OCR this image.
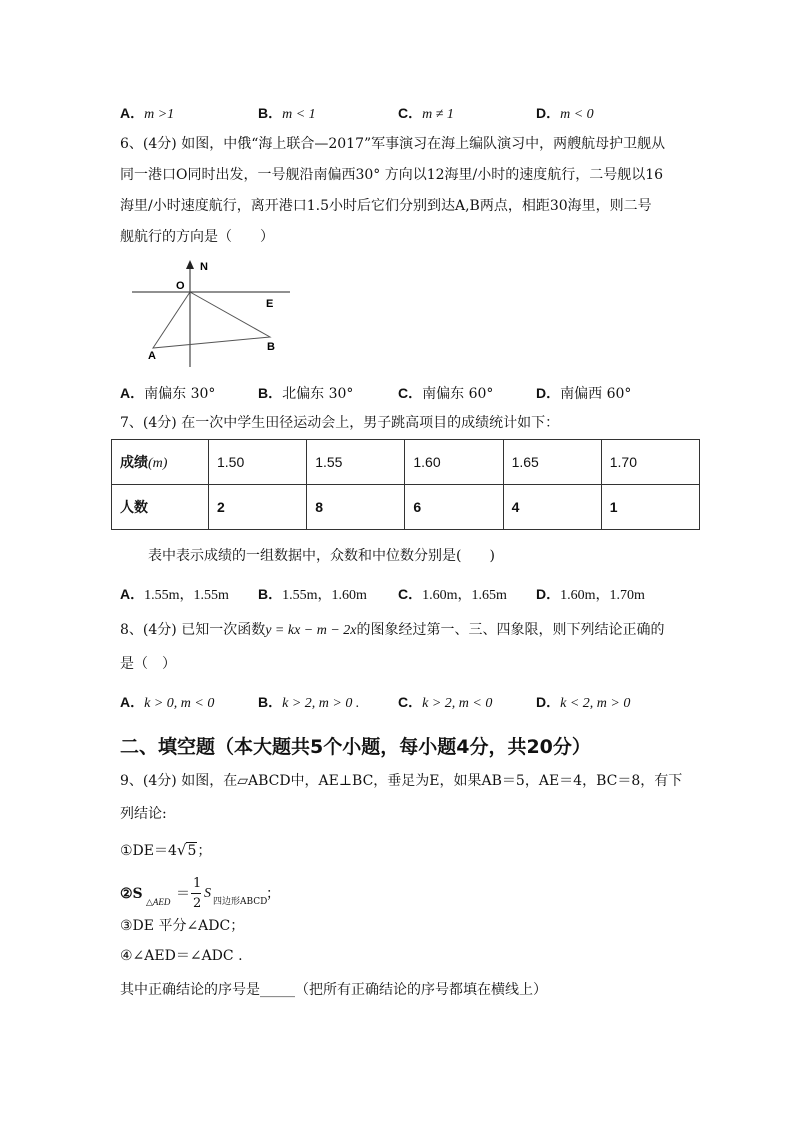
A．m >1	B．m < 1	C．m ≠ 1	D．m < 0
6、(4分) 如图，中俄“海上联合—2017”军事演习在海上编队演习中，两艘航母护卫舰从
同一港口O同时出发，一号舰沿南偏西30° 方向以12海里/小时的速度航行，二号舰以16
海里/小时速度航行，离开港口1.5小时后它们分别到达A,B两点，相距30海里，则二号
舰航行的方向是（　　）
N
O
E
A
B
A．南偏东 30°	B．北偏东 30°	C．南偏东 60°	D．南偏西 60°
7、(4分) 在一次中学生田径运动会上，男子跳高项目的成绩统计如下：
成绩(m)	1.50	1.55	1.60	1.65	1.70
人数	2	8	6	4	1
表中表示成绩的一组数据中，众数和中位数分别是(　　)
A．1.55m，1.55m B．1.55m，1.60m C．1.60m，1.65m D．1.60m，1.70m
8、(4分) 已知一次函数y = kx − m − 2x的图象经过第一、三、四象限，则下列结论正确的
是（　）
A．k > 0, m < 0	B．k > 2, m > 0 .	C．k > 2, m < 0	D．k < 2, m > 0
二、填空题（本大题共5个小题，每小题4分，共20分）
9、(4分) 如图，在▱ABCD中，AE⊥BC，垂足为E，如果AB＝5，AE＝4，BC＝8，有下
列结论:
①DE＝4√5；
②S △AED ＝
1
2
S
四边形ABCD
；
③DE 平分∠ADC；
④∠AED＝∠ADC .
其中正确结论的序号是_____（把所有正确结论的序号都填在横线上）
